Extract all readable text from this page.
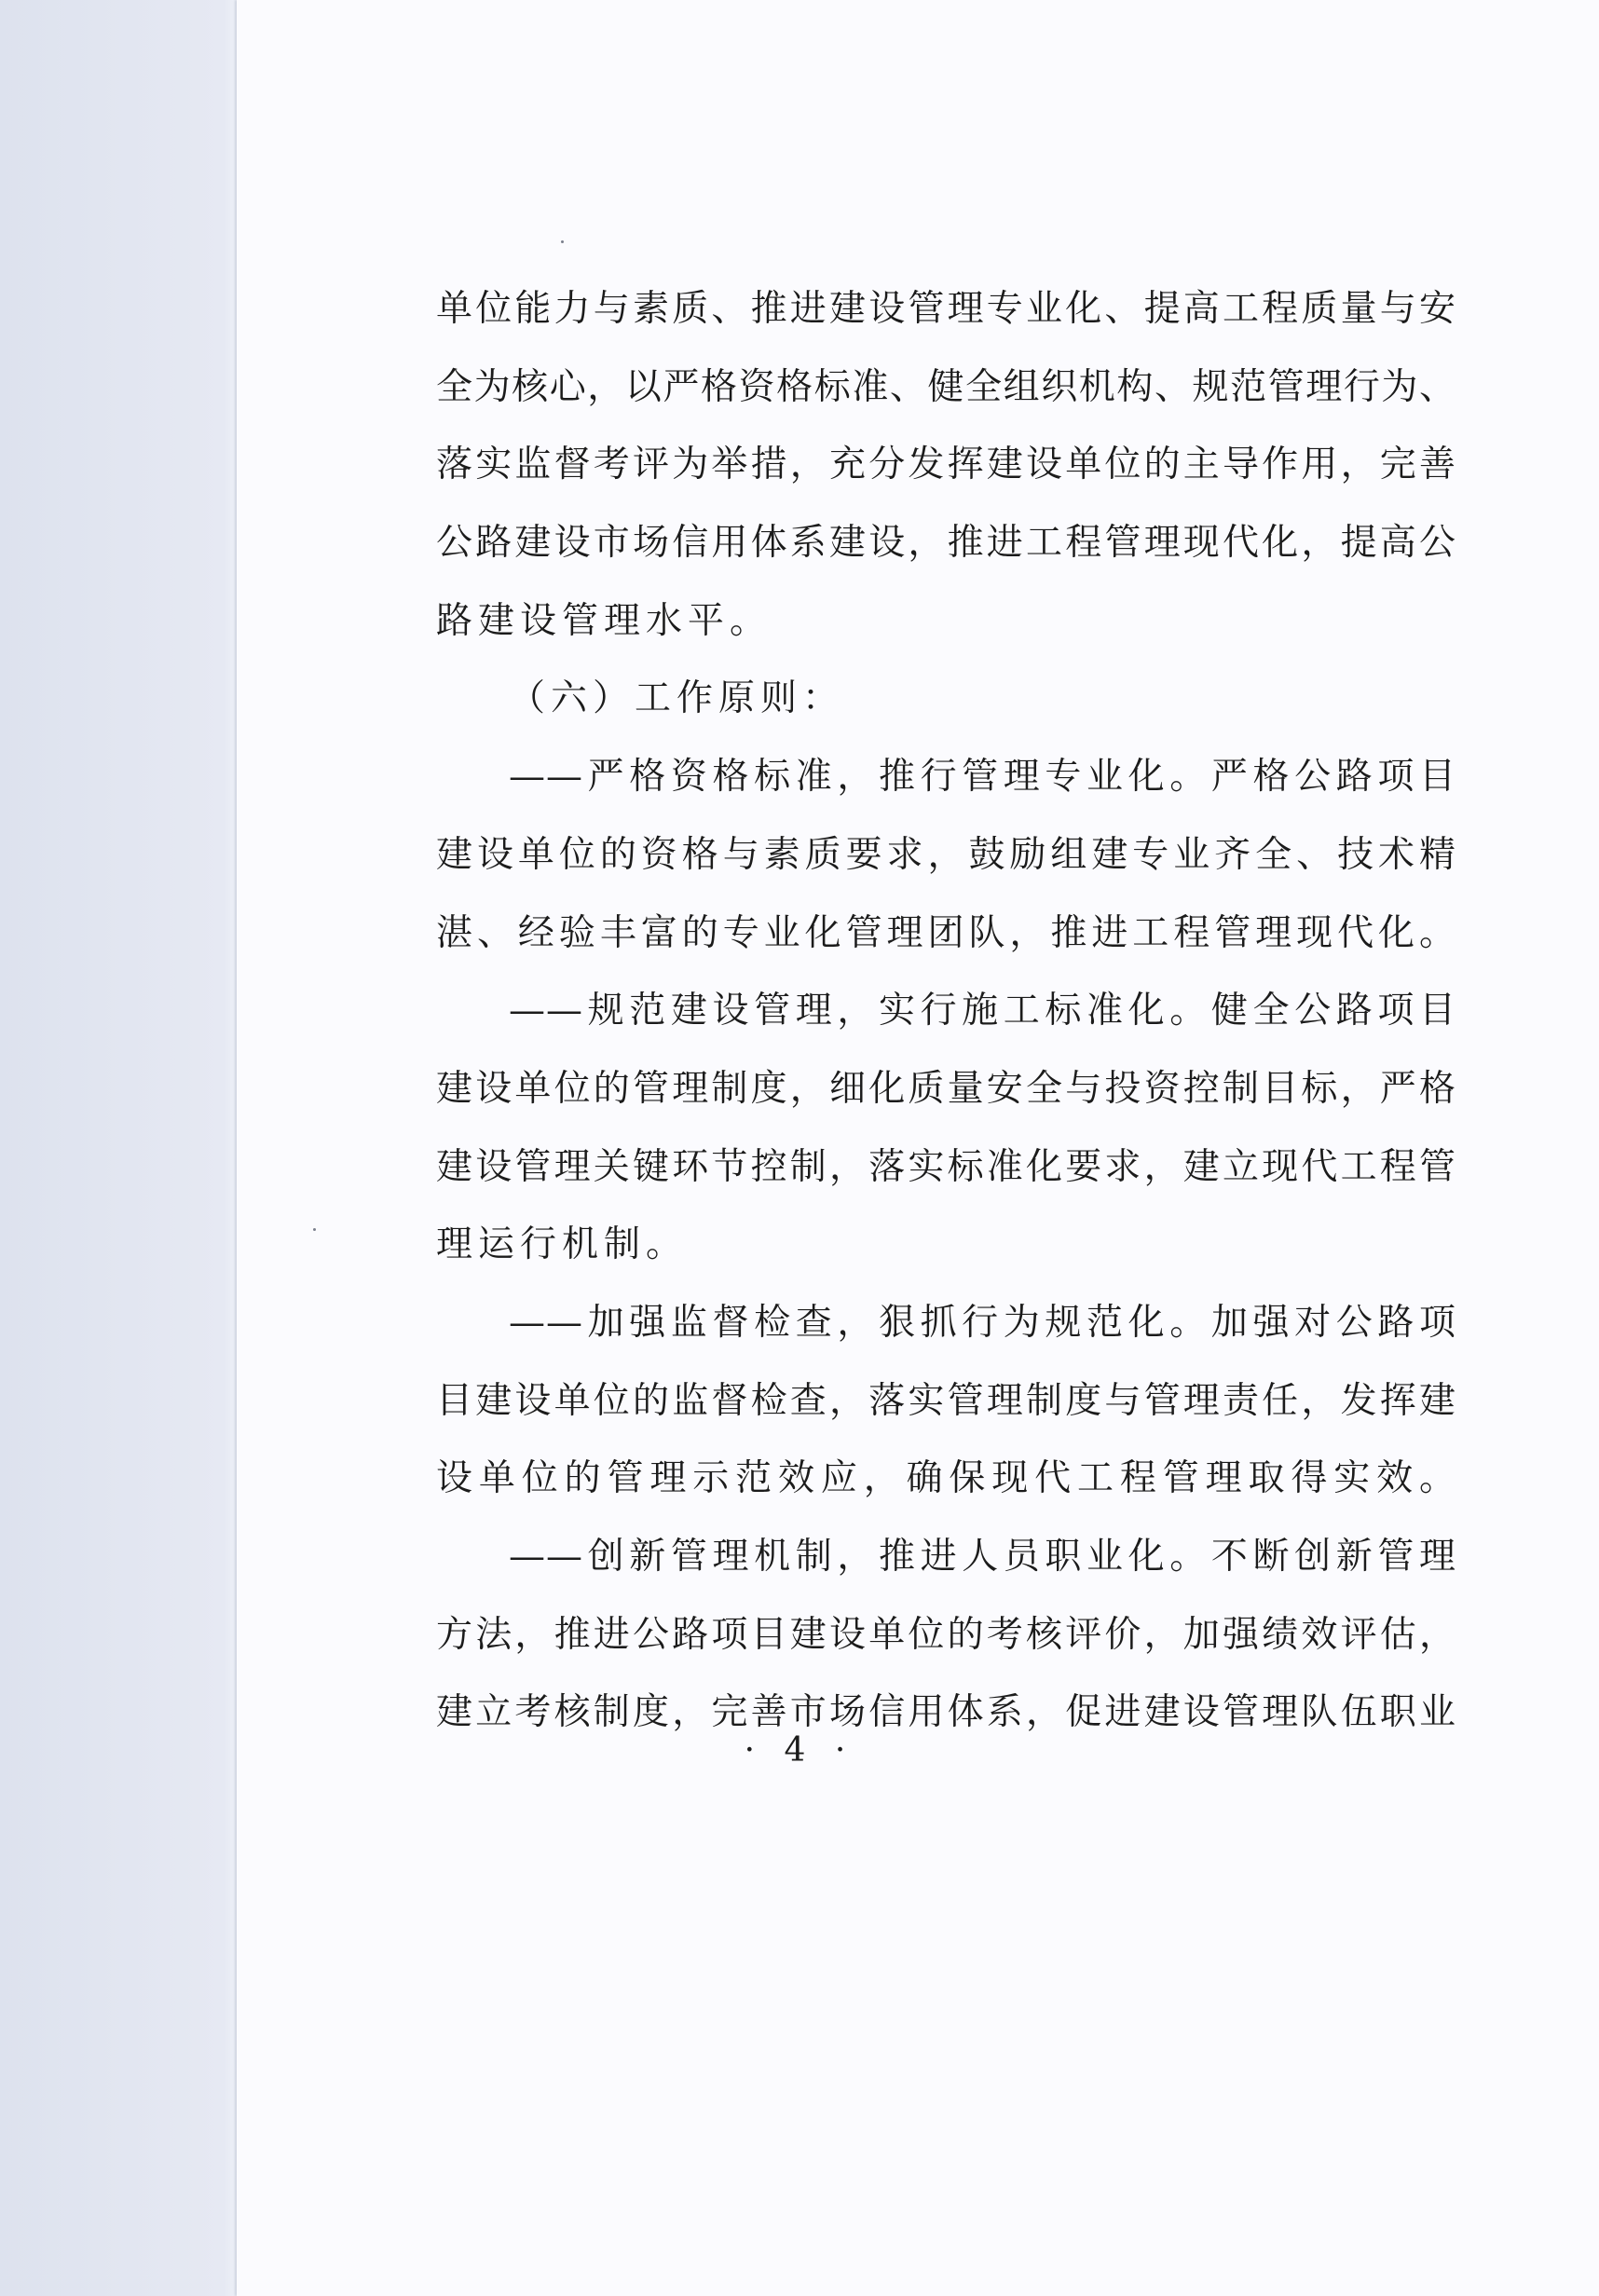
单位能力与素质、推进建设管理专业化、提高工程质量与安
全为核心，以严格资格标准、健全组织机构、规范管理行为、
落实监督考评为举措，充分发挥建设单位的主导作用，完善
公路建设市场信用体系建设，推进工程管理现代化，提高公
路建设管理水平。
（六）工作原则：
——严格资格标准，推行管理专业化。严格公路项目
建设单位的资格与素质要求，鼓励组建专业齐全、技术精
湛、经验丰富的专业化管理团队，推进工程管理现代化。
——规范建设管理，实行施工标准化。健全公路项目
建设单位的管理制度，细化质量安全与投资控制目标，严格
建设管理关键环节控制，落实标准化要求，建立现代工程管
理运行机制。
——加强监督检查，狠抓行为规范化。加强对公路项
目建设单位的监督检查，落实管理制度与管理责任，发挥建
设单位的管理示范效应，确保现代工程管理取得实效。
——创新管理机制，推进人员职业化。不断创新管理
方法，推进公路项目建设单位的考核评价，加强绩效评估，
建立考核制度，完善市场信用体系，促进建设管理队伍职业
· 4 ·
